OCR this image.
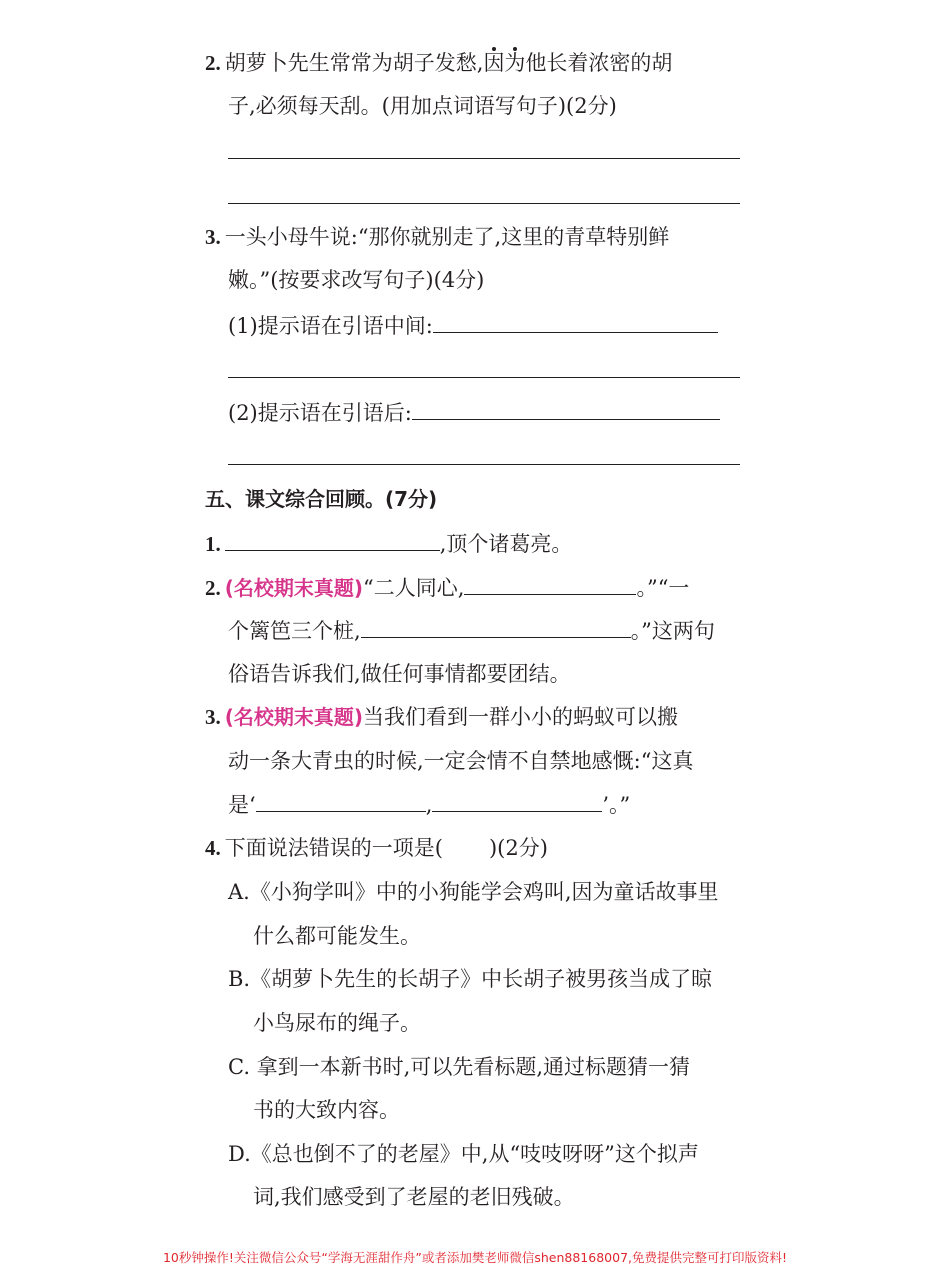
2. 胡萝卜先生常常为胡子发愁,因为
他长着浓密的胡
子,必须每天刮。(用加点词语写句子)(2分)
3. 一头小母牛说:“那你就别走了,这里的青草特别鲜
嫩。”(按要求改写句子)(4分)
(1)提示语在引语中间:
(2)提示语在引语后:
五、课文综合回顾。(7分)
1.	,顶个诸葛亮。
2. (名校期末真题)“二人同心,	。”“一
个篱笆三个桩,	。”这两句
俗语告诉我们,做任何事情都要团结。
3. (名校期末真题)当我们看到一群小小的蚂蚁可以搬
动一条大青虫的时候,一定会情不自禁地感慨:“这真
是‘	,	’。”
4. 下面说法错误的一项是( )(2分)
A.《小狗学叫》中的小狗能学会鸡叫,因为童话故事里
什么都可能发生。
B.《胡萝卜先生的长胡子》中长胡子被男孩当成了晾
小鸟尿布的绳子。
C. 拿到一本新书时,可以先看标题,通过标题猜一猜
书的大致内容。
D.《总也倒不了的老屋》中,从“吱吱呀呀”这个拟声
词,我们感受到了老屋的老旧残破。
10秒钟操作!关注微信公众号“学海无涯甜作舟”或者添加樊老师微信shen88168007,免费提供完整可打印版资料!
